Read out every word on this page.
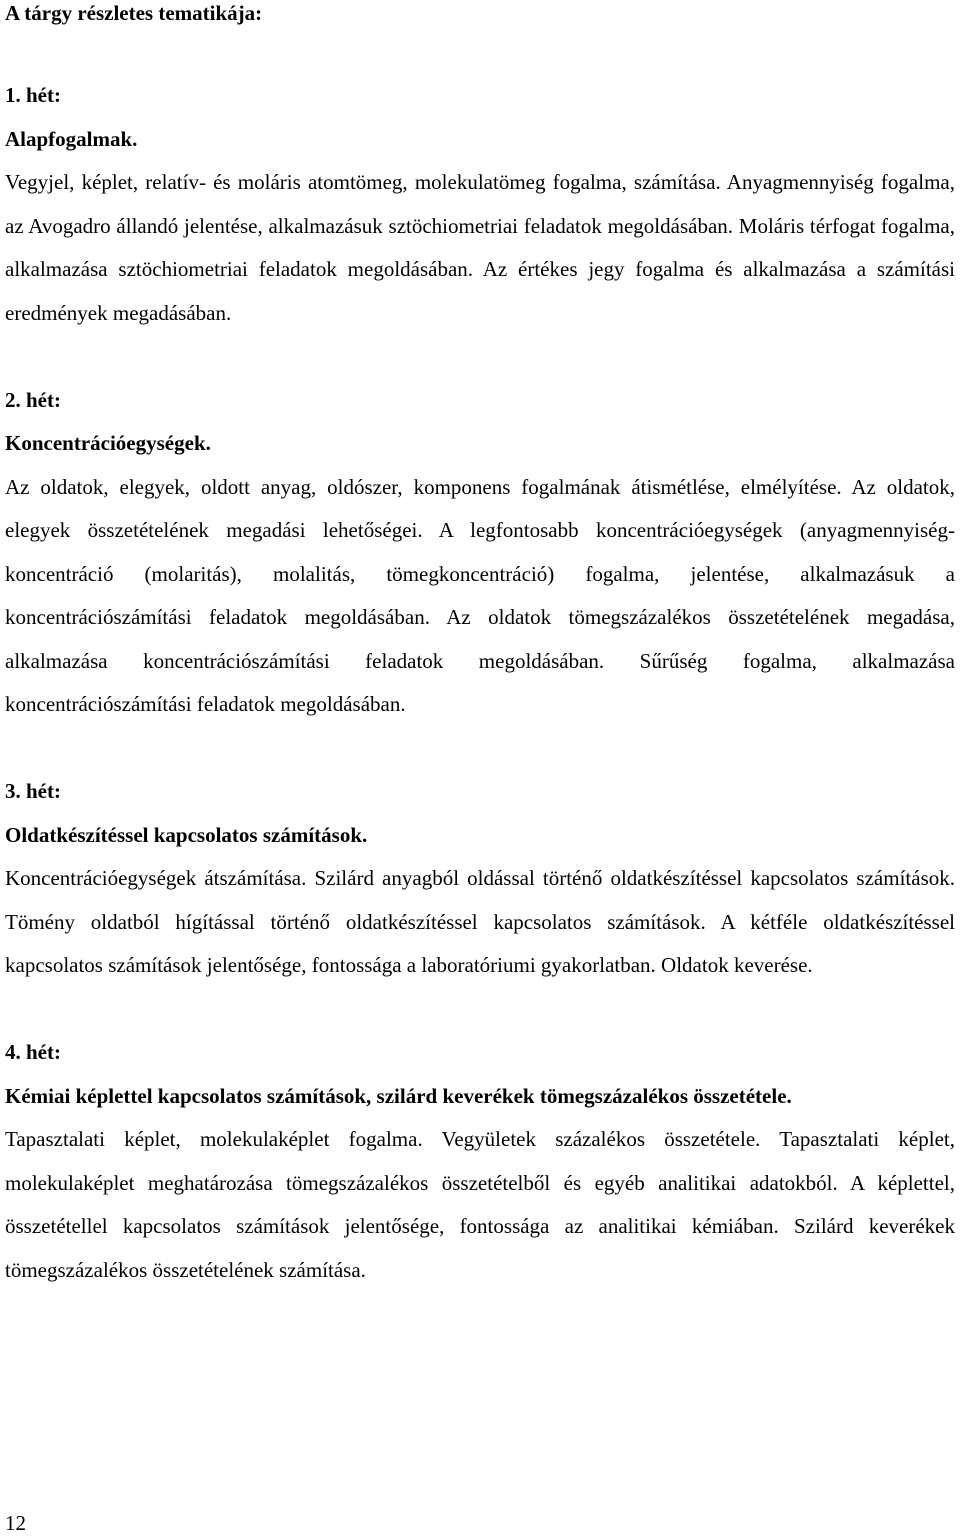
A tárgy részletes tematikája:

1. hét:

Alapfogalmak.

Vegyjel, képlet, relatív- és moláris atomtömeg, molekulatömeg fogalma, számítása. Anyagmennyiség fogalma, az Avogadro állandó jelentése, alkalmazásuk sztöchiometriai feladatok megoldásában. Moláris térfogat fogalma, alkalmazása sztöchiometriai feladatok megoldásában. Az értékes jegy fogalma és alkalmazása a számítási eredmények megadásában.

2. hét:

Koncentrációegységek.

Az oldatok, elegyek, oldott anyag, oldószer, komponens fogalmának átismétlése, elmélyítése. Az oldatok, elegyek összetételének megadási lehetőségei. A legfontosabb koncentrációegységek (anyagmennyiség-koncentráció (molaritás), molalitás, tömegkoncentráció) fogalma, jelentése, alkalmazásuk a koncentrációszámítási feladatok megoldásában. Az oldatok tömegszázalékos összetételének megadása, alkalmazása koncentrációszámítási feladatok megoldásában. Sűrűség fogalma, alkalmazása koncentrációszámítási feladatok megoldásában.

3. hét:

Oldatkészítéssel kapcsolatos számítások.

Koncentrációegységek átszámítása. Szilárd anyagból oldással történő oldatkészítéssel kapcsolatos számítások. Tömény oldatból hígítással történő oldatkészítéssel kapcsolatos számítások. A kétféle oldatkészítéssel kapcsolatos számítások jelentősége, fontossága a laboratóriumi gyakorlatban. Oldatok keverése.

4. hét:

Kémiai képlettel kapcsolatos számítások, szilárd keverékek tömegszázalékos összetétele.

Tapasztalati képlet, molekulaképlet fogalma. Vegyületek százalékos összetétele. Tapasztalati képlet, molekulaképlet meghatározása tömegszázalékos összetételből és egyéb analitikai adatokból. A képlettel, összetétellel kapcsolatos számítások jelentősége, fontossága az analitikai kémiában. Szilárd keverékek tömegszázalékos összetételének számítása.

12
